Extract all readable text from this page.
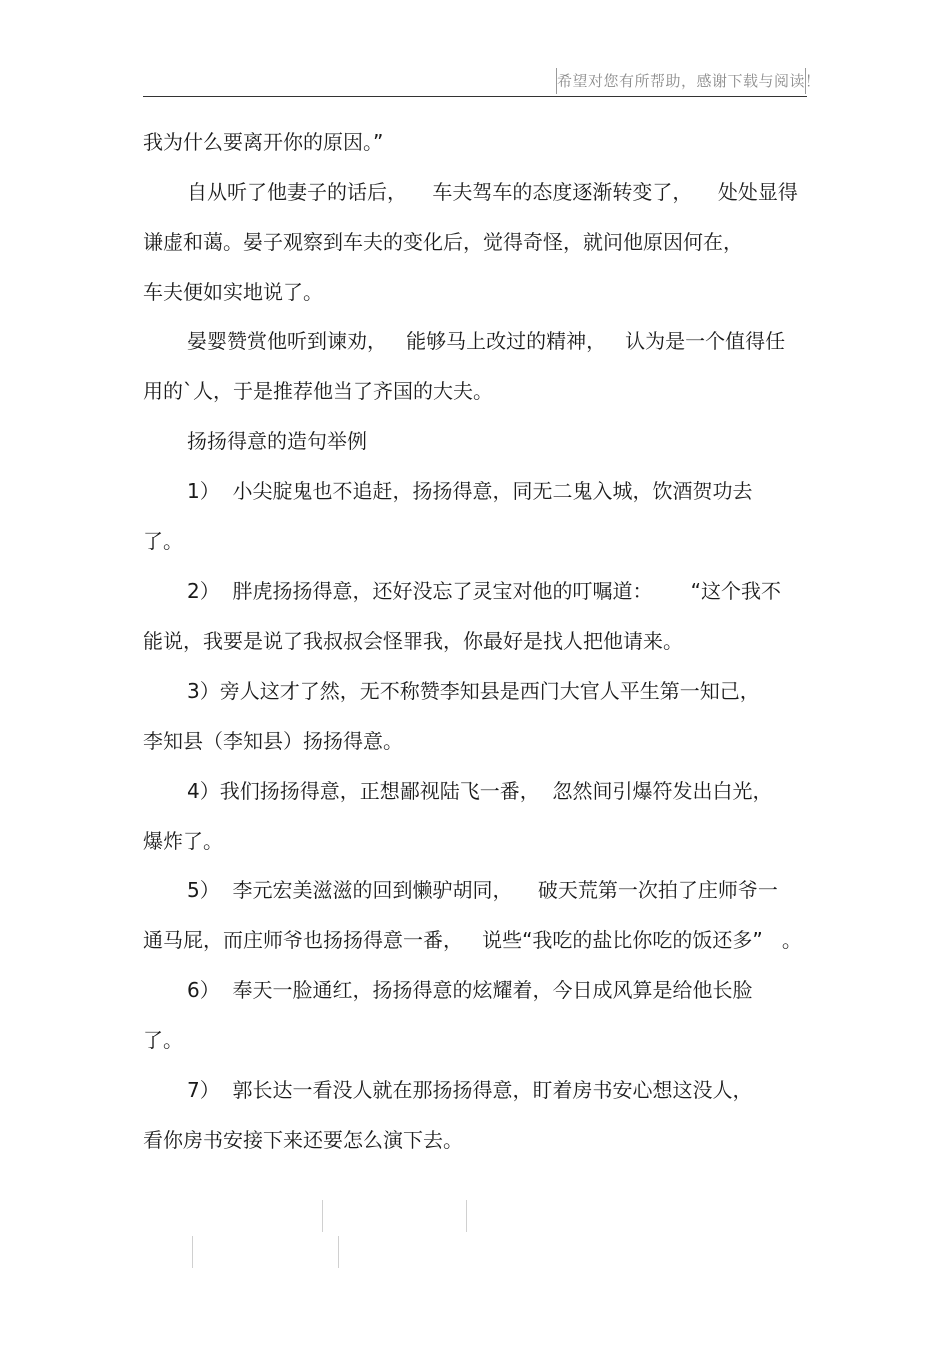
希望对您有所帮助，感谢下载与阅读！
我为什么要离开你的原因。”
自从听了他妻子的话后，    车夫驾车的态度逐渐转变了，    处处显得
谦虚和蔼。晏子观察到车夫的变化后，觉得奇怪，就问他原因何在，
车夫便如实地说了。
晏婴赞赏他听到谏劝，   能够马上改过的精神，   认为是一个值得任
用的`人，于是推荐他当了齐国的大夫。
扬扬得意的造句举例
1）  小尖腚鬼也不追赶，扬扬得意，同无二鬼入城，饮酒贺功去
了。
2）  胖虎扬扬得意，还好没忘了灵宝对他的叮嘱道：      “这个我不
能说，我要是说了我叔叔会怪罪我，你最好是找人把他请来。
3）旁人这才了然，无不称赞李知县是西门大官人平生第一知己，
李知县（李知县）扬扬得意。
4）我们扬扬得意，正想鄙视陆飞一番，  忽然间引爆符发出白光，
爆炸了。
5）  李元宏美滋滋的回到懒驴胡同，    破天荒第一次拍了庄师爷一
通马屁，而庄师爷也扬扬得意一番，   说些“我吃的盐比你吃的饭还多”   。
6）  奉天一脸通红，扬扬得意的炫耀着，今日成风算是给他长脸
了。
7）  郭长达一看没人就在那扬扬得意，盯着房书安心想这没人，
看你房书安接下来还要怎么演下去。
